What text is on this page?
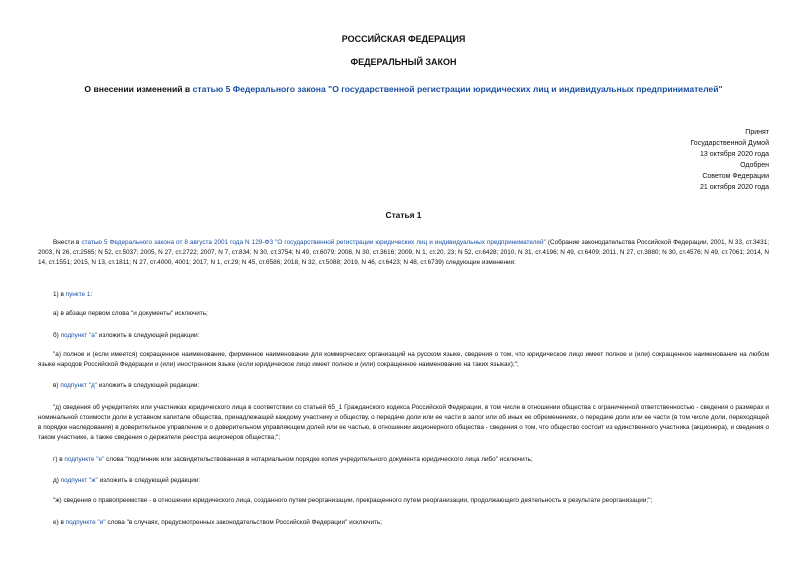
РОССИЙСКАЯ ФЕДЕРАЦИЯ
ФЕДЕРАЛЬНЫЙ ЗАКОН
О внесении изменений в статью 5 Федерального закона "О государственной регистрации юридических лиц и индивидуальных предпринимателей"
Принят
Государственной Думой
13 октября 2020 года
Одобрен
Советом Федерации
21 октября 2020 года
Статья 1
Внести в статью 5 Федерального закона от 8 августа 2001 года N 129-ФЗ "О государственной регистрации юридических лиц и индивидуальных предпринимателей" (Собрание законодательства Российской Федерации, 2001, N 33, ст.3431; 2003, N 26, ст.2565; N 52, ст.5037; 2005, N 27, ст.2722; 2007, N 7, ст.834; N 30, ст.3754; N 49, ст.6079; 2008, N 30, ст.3616; 2009, N 1, ст.20, 23; N 52, ст.6428; 2010, N 31, ст.4196; N 49, ст.6409; 2011, N 27, ст.3880; N 30, ст.4576; N 49, ст.7061; 2014, N 14, ст.1551; 2015, N 13, ст.1811; N 27, ст.4000, 4001; 2017, N 1, ст.29; N 45, ст.6586; 2018, N 32, ст.5088; 2019, N 46, ст.6423; N 48, ст.6739) следующие изменения:
1) в пункте 1:
а) в абзаце первом слова "и документы" исключить;
б) подпункт "а" изложить в следующей редакции:
"а) полное и (если имеется) сокращенное наименование, фирменное наименование для коммерческих организаций на русском языке, сведения о том, что юридическое лицо имеет полное и (или) сокращенное наименование на любом языке народов Российской Федерации и (или) иностранном языке (если юридическое лицо имеет полное и (или) сокращенное наименование на таких языках);";
в) подпункт "д" изложить в следующей редакции:
"д) сведения об учредителях или участниках юридического лица в соответствии со статьей 65_1 Гражданского кодекса Российской Федерации, в том числе в отношении общества с ограниченной ответственностью - сведения о размерах и номинальной стоимости доли в уставном капитале общества, принадлежащей каждому участнику и обществу, о передаче доли или ее части в залог или об иных ее обременениях, о передаче доли или ее части (в том числе доли, переходящей в порядке наследования) в доверительное управление и о доверительном управляющем долей или ее частью, в отношении акционерного общества - сведения о том, что общество состоит из единственного участника (акционера), и сведения о таком участнике, а также сведения о держателе реестра акционеров общества;";
г) в подпункте "е" слова "подлинник или засвидетельствованная в нотариальном порядке копия учредительного документа юридического лица либо" исключить;
д) подпункт "ж" изложить в следующей редакции:
"ж) сведения о правопреемстве - в отношении юридического лица, созданного путем реорганизации, прекращенного путем реорганизации, продолжающего деятельность в результате реорганизации;";
е) в подпункте "и" слова "в случаях, предусмотренных законодательством Российской Федерации" исключить;
